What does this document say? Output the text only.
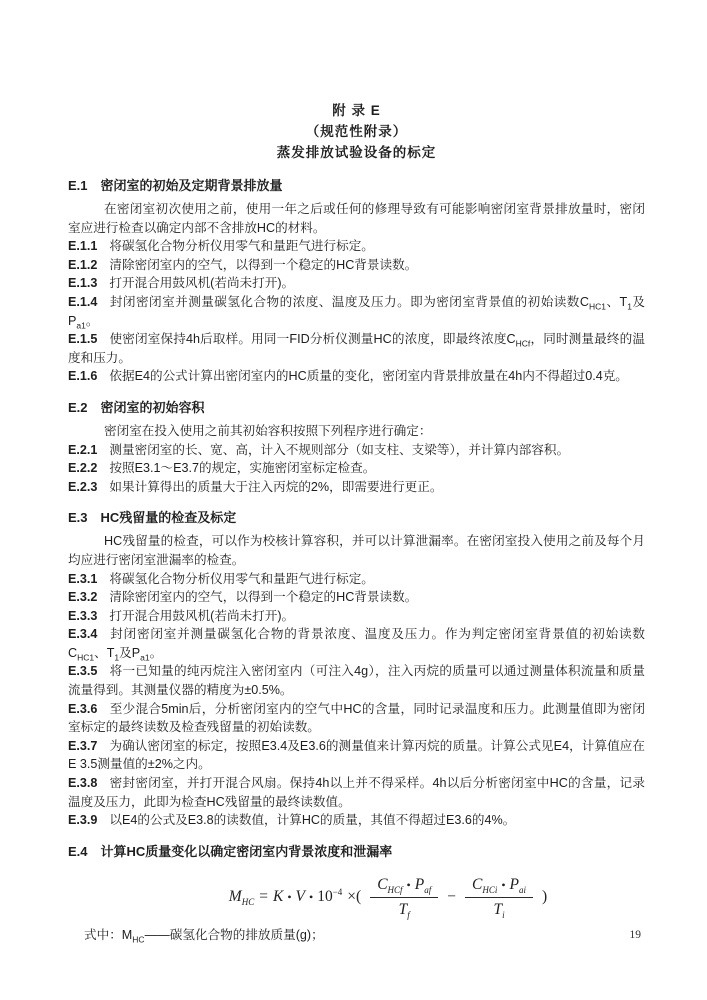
附 录 E
（规范性附录）
蒸发排放试验设备的标定
E.1 密闭室的初始及定期背景排放量

在密闭室初次使用之前，使用一年之后或任何的修理导致有可能影响密闭室背景排放量时，密闭室应进行检查以确定内部不含排放HC的材料。

E.1.1 将碳氢化合物分析仪用零气和量距气进行标定。

E.1.2 清除密闭室内的空气，以得到一个稳定的HC背景读数。

E.1.3 打开混合用鼓风机(若尚未打开)。

E.1.4 封闭密闭室并测量碳氢化合物的浓度、温度及压力。即为密闭室背景值的初始读数$C_{HC1}$、$T_1$及$P_{a1}$。

E.1.5 使密闭室保持4h后取样。用同一FID分析仪测量HC的浓度，即最终浓度$C_{HCf}$，同时测量最终的温度和压力。

E.1.6 依据E4的公式计算出密闭室内的HC质量的变化，密闭室内背景排放量在4h内不得超过0.4克。

E.2 密闭室的初始容积

密闭室在投入使用之前其初始容积按照下列程序进行确定：

E.2.1 测量密闭室的长、宽、高，计入不规则部分（如支柱、支梁等），并计算内部容积。

E.2.2 按照E3.1～E3.7的规定，实施密闭室标定检查。

E.2.3 如果计算得出的质量大于注入丙烷的2%，即需要进行更正。

E.3 HC残留量的检查及标定

HC残留量的检查，可以作为校核计算容积，并可以计算泄漏率。在密闭室投入使用之前及每个月均应进行密闭室泄漏率的检查。

E.3.1 将碳氢化合物分析仪用零气和量距气进行标定。

E.3.2 清除密闭室内的空气，以得到一个稳定的HC背景读数。

E.3.3 打开混合用鼓风机(若尚未打开)。

E.3.4 封闭密闭室并测量碳氢化合物的背景浓度、温度及压力。作为判定密闭室背景值的初始读数$C_{HC1}$、$T_1$及$P_{a1}$。

E.3.5 将一已知量的纯丙烷注入密闭室内（可注入4g），注入丙烷的质量可以通过测量体积流量和质量流量得到。其测量仪器的精度为±0.5%。

E.3.6 至少混合5min后，分析密闭室内的空气中HC的含量，同时记录温度和压力。此测量值即为密闭室标定的最终读数及检查残留量的初始读数。

E.3.7 为确认密闭室的标定，按照E3.4及E3.6的测量值来计算丙烷的质量。计算公式见E4，计算值应在 E 3.5测量值的±2%之内。

E.3.8 密封密闭室，并打开混合风扇。保持4h以上并不得采样。4h以后分析密闭室中HC的含量，记录温度及压力，此即为检查HC残留量的最终读数值。

E.3.9 以E4的公式及E3.8的读数值，计算HC的质量，其值不得超过E3.6的4%。

E.4 计算HC质量变化以确定密闭室内背景浓度和泄漏率
$M_{HC} = K$ • V • $10^{-4}$ ×( $\frac{C_{HCf} • P_{af}}{T_f} - \frac{C_{HCi} • P_{ai}}{T_i}$ )

式中：$M_{HC}——$碳氢化合物的排放质量(g)；	19
